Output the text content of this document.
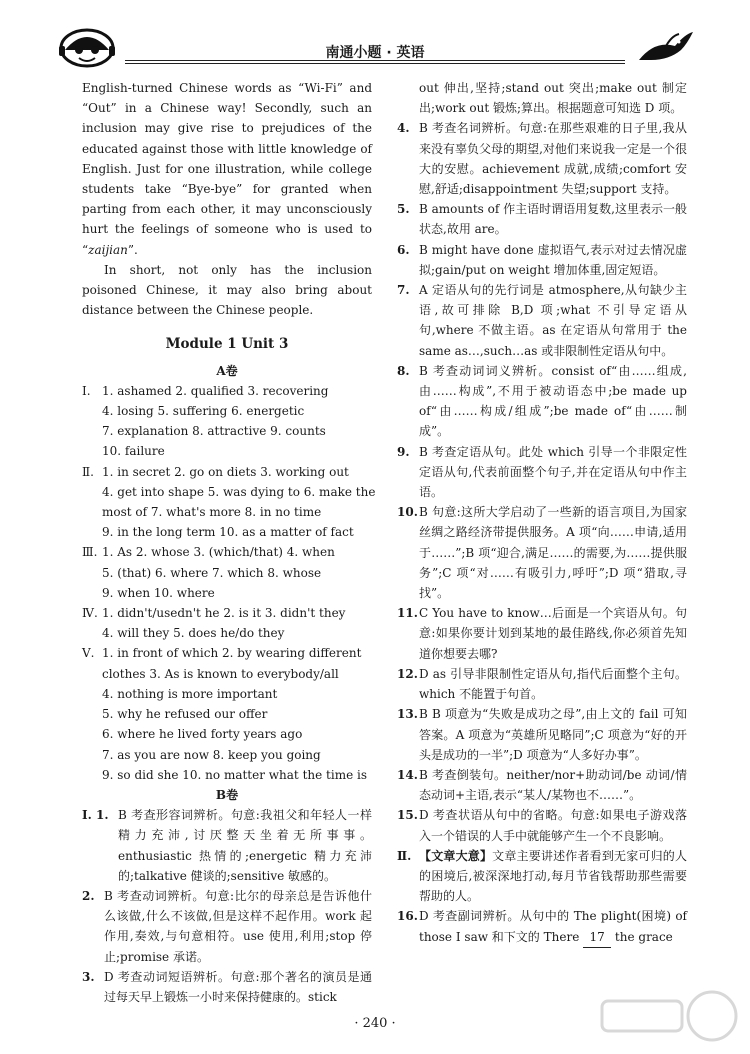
南通小题 · 英语

English-turned Chinese words as “Wi-Fi” and “Out” in a Chinese way! Secondly, such an inclusion may give rise to prejudices of the educated against those with little knowledge of English. Just for one illustration, while college students take “Bye-bye” for granted when parting from each other, it may unconsciously hurt the feelings of someone who is used to “zaijian”.

In short, not only has the inclusion poisoned Chinese, it may also bring about distance between the Chinese people.

Module 1 Unit 3
A卷
Ⅰ. 1. ashamed 2. qualified 3. recovering
4. losing 5. suffering 6. energetic
7. explanation 8. attractive 9. counts
10. failure
Ⅱ. 1. in secret 2. go on diets 3. working out
4. get into shape 5. was dying to 6. make the
most of 7. what's more 8. in no time
9. in the long term 10. as a matter of fact
Ⅲ. 1. As 2. whose 3. (which/that) 4. when
5. (that) 6. where 7. which 8. whose
9. when 10. where
Ⅳ. 1. didn't/usedn't he 2. is it 3. didn't they
4. will they 5. does he/do they
Ⅴ. 1. in front of which 2. by wearing different
clothes 3. As is known to everybody/all
4. nothing is more important
5. why he refused our offer
6. where he lived forty years ago
7. as you are now 8. keep you going
9. so did she 10. no matter what the time is
B卷
Ⅰ. 1. B 考查形容词辨析。句意:我祖父和年轻人一样精力充沛,讨厌整天坐着无所事事。enthusiastic 热情的;energetic 精力充沛的;talkative 健谈的;sensitive 敏感的。
2. B 考查动词辨析。句意:比尔的母亲总是告诉他什么该做,什么不该做,但是这样不起作用。work 起作用,奏效,与句意相符。use 使用,利用;stop 停止;promise 承诺。
3. D 考查动词短语辨析。句意:那个著名的演员是通过每天早上锻炼一小时来保持健康的。stick
out 伸出,坚持;stand out 突出;make out 制定出;work out 锻炼;算出。根据题意可知选 D 项。
4. B 考查名词辨析。句意:在那些艰难的日子里,我从来没有辜负父母的期望,对他们来说我一定是一个很大的安慰。achievement 成就,成绩;comfort 安慰,舒适;disappointment 失望;support 支持。
5. B amounts of 作主语时谓语用复数,这里表示一般状态,故用 are。
6. B might have done 虚拟语气,表示对过去情况虚拟;gain/put on weight 增加体重,固定短语。
7. A 定语从句的先行词是 atmosphere,从句缺少主语,故可排除 B,D 项;what 不引导定语从句,where 不做主语。as 在定语从句常用于 the same as…,such…as 或非限制性定语从句中。
8. B 考查动词词义辨析。consist of“由……组成,由……构成”,不用于被动语态中;be made up of“由……构成/组成”;be made of“由……制成”。
9. B 考查定语从句。此处 which 引导一个非限定性定语从句,代表前面整个句子,并在定语从句中作主语。
10. B 句意:这所大学启动了一些新的语言项目,为国家丝绸之路经济带提供服务。A 项“向……申请,适用于……”;B 项“迎合,满足……的需要,为……提供服务”;C 项“对……有吸引力,呼吁”;D 项“猎取,寻找”。
11. C You have to know…后面是一个宾语从句。句意:如果你要计划到某地的最佳路线,你必须首先知道你想要去哪?
12. D as 引导非限制性定语从句,指代后面整个主句。which 不能置于句首。
13. B B 项意为“失败是成功之母”,由上文的 fail 可知答案。A 项意为“英雄所见略同”;C 项意为“好的开头是成功的一半”;D 项意为“人多好办事”。
14. B 考查倒装句。neither/nor+助动词/be 动词/情态动词+主语,表示“某人/某物也不……”。
15. D 考查状语从句中的省略。句意:如果电子游戏落入一个错误的人手中就能够产生一个不良影响。
Ⅱ. 【文章大意】文章主要讲述作者看到无家可归的人的困境后,被深深地打动,每月节省钱帮助那些需要帮助的人。
16. D 考查副词辨析。从句中的 The plight(困境) of those I saw 和下文的 There 17 the grace
· 240 ·
